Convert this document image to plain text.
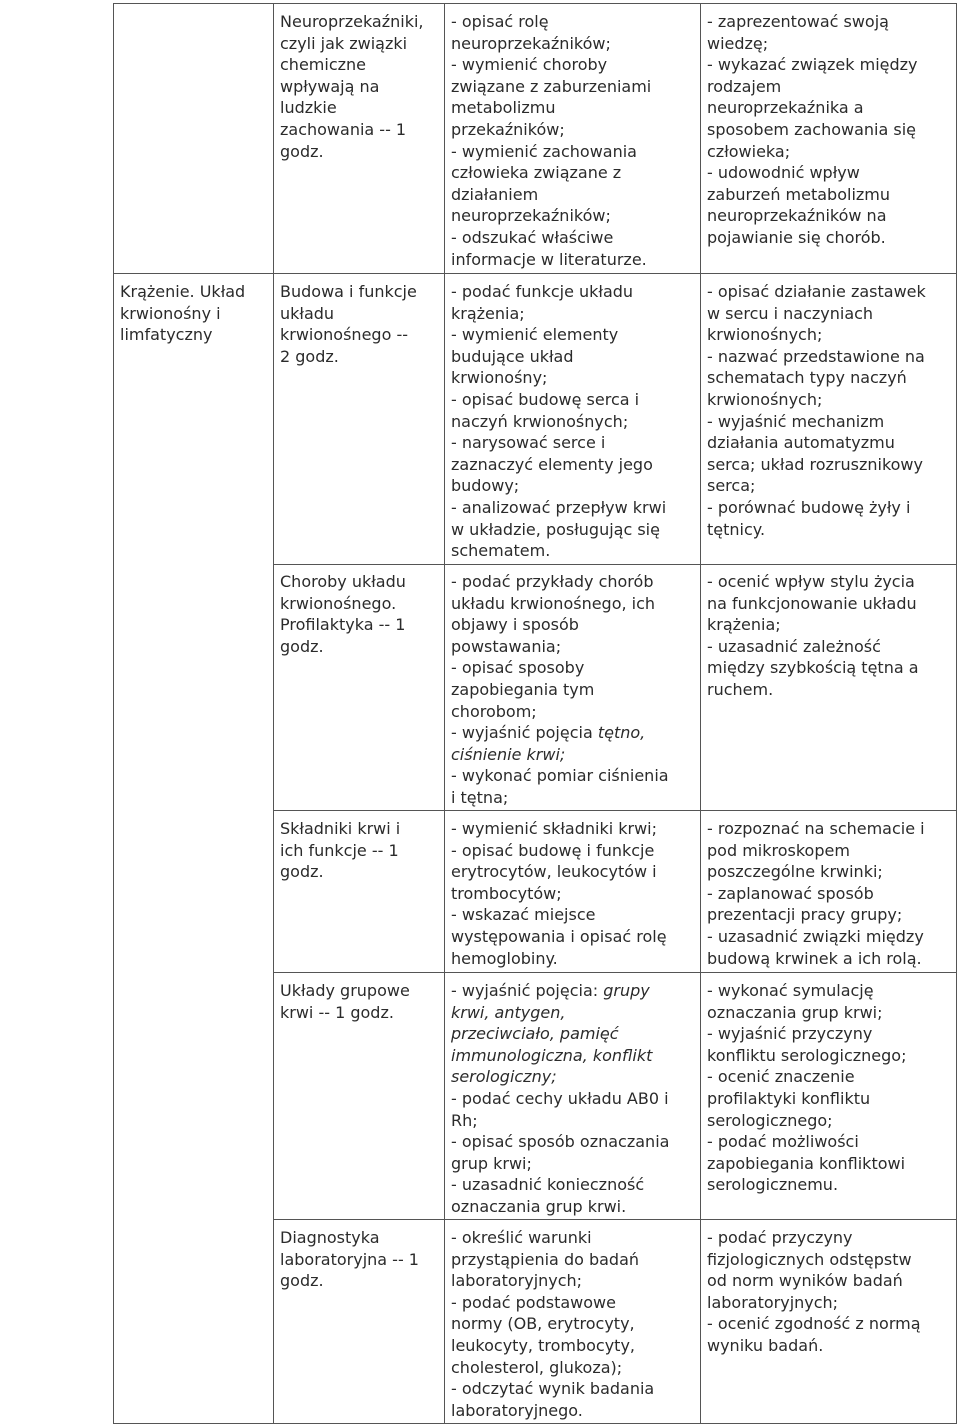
Krążenie. Układ
krwionośny i
limfatyczny
Neuroprzekaźniki,
czyli jak związki
chemiczne
wpływają na
ludzkie
zachowania -- 1
godz.
- opisać rolę
neuroprzekaźników;
- wymienić choroby
związane z zaburzeniami
metabolizmu
przekaźników;
- wymienić zachowania
człowieka związane z
działaniem
neuroprzekaźników;
- odszukać właściwe
informacje w literaturze.
- zaprezentować swoją
wiedzę;
- wykazać związek między
rodzajem
neuroprzekaźnika a
sposobem zachowania się
człowieka;
- udowodnić wpływ
zaburzeń metabolizmu
neuroprzekaźników na
pojawianie się chorób.
Budowa i funkcje
układu
krwionośnego --
2 godz.
- podać funkcje układu
krążenia;
- wymienić elementy
budujące układ
krwionośny;
- opisać budowę serca i
naczyń krwionośnych;
- narysować serce i
zaznaczyć elementy jego
budowy;
- analizować przepływ krwi
w układzie, posługując się
schematem.
- opisać działanie zastawek
w sercu i naczyniach
krwionośnych;
- nazwać przedstawione na
schematach typy naczyń
krwionośnych;
- wyjaśnić mechanizm
działania automatyzmu
serca; układ rozrusznikowy
serca;
- porównać budowę żyły i
tętnicy.
Choroby układu
krwionośnego.
Profilaktyka -- 1
godz.
- podać przykłady chorób
układu krwionośnego, ich
objawy i sposób
powstawania;
- opisać sposoby
zapobiegania tym
chorobom;
- wyjaśnić pojęcia tętno,
ciśnienie krwi;
- wykonać pomiar ciśnienia
i tętna;
- ocenić wpływ stylu życia
na funkcjonowanie układu
krążenia;
- uzasadnić zależność
między szybkością tętna a
ruchem.
Składniki krwi i
ich funkcje -- 1
godz.
- wymienić składniki krwi;
- opisać budowę i funkcje
erytrocytów, leukocytów i
trombocytów;
- wskazać miejsce
występowania i opisać rolę
hemoglobiny.
- rozpoznać na schemacie i
pod mikroskopem
poszczególne krwinki;
- zaplanować sposób
prezentacji pracy grupy;
- uzasadnić związki między
budową krwinek a ich rolą.
Układy grupowe
krwi -- 1 godz.
- wyjaśnić pojęcia: grupy
krwi, antygen,
przeciwciało, pamięć
immunologiczna, konflikt
serologiczny;
- podać cechy układu AB0 i
Rh;
- opisać sposób oznaczania
grup krwi;
- uzasadnić konieczność
oznaczania grup krwi.
- wykonać symulację
oznaczania grup krwi;
- wyjaśnić przyczyny
konfliktu serologicznego;
- ocenić znaczenie
profilaktyki konfliktu
serologicznego;
- podać możliwości
zapobiegania konfliktowi
serologicznemu.
Diagnostyka
laboratoryjna -- 1
godz.
- określić warunki
przystąpienia do badań
laboratoryjnych;
- podać podstawowe
normy (OB, erytrocyty,
leukocyty, trombocyty,
cholesterol, glukoza);
- odczytać wynik badania
laboratoryjnego.
- podać przyczyny
fizjologicznych odstępstw
od norm wyników badań
laboratoryjnych;
- ocenić zgodność z normą
wyniku badań.
